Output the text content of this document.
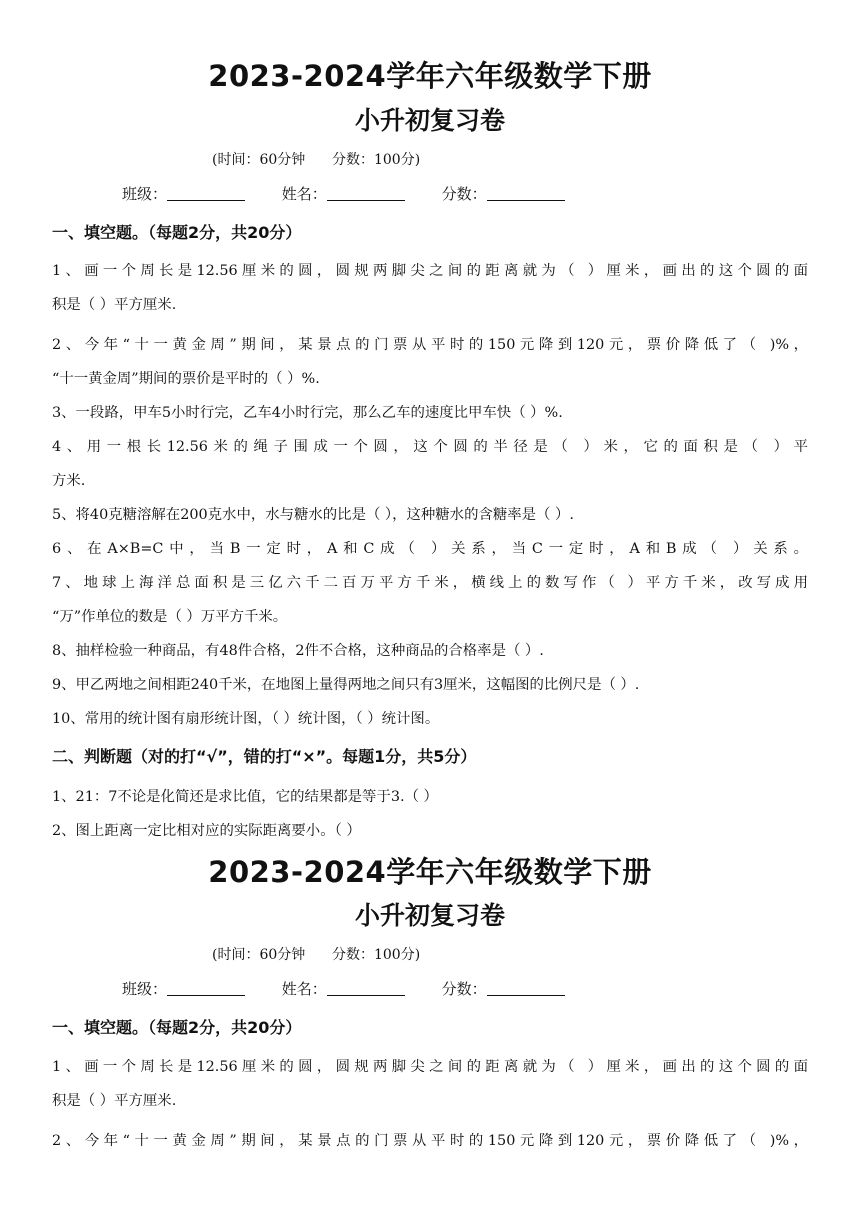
2023-2024学年六年级数学下册
小升初复习卷
(时间：60分钟      分数：100分)
班级：	姓名：	分数：
一、填空题。（每题2分，共20分）
1、画一个周长是12.56厘米的圆，圆规两脚尖之间的距离就为（ ）厘米，画出的这个圆的面
积是（ ）平方厘米.
2、今年“十一黄金周”期间，某景点的门票从平时的150元降到120元，票价降低了（ )%，
“十一黄金周”期间的票价是平时的（ ）%.
3、一段路，甲车5小时行完，乙车4小时行完，那么乙车的速度比甲车快（ ）%.
4、用一根长12.56米的绳子围成一个圆，这个圆的半径是（ ）米，它的面积是（ ）平
方米.
5、将40克糖溶解在200克水中，水与糖水的比是（ ），这种糖水的含糖率是（ ）.
6、在A×B=C中，当B一定时，A和C成（ ）关系，当C一定时，A和B成（ ）关系。
7、地球上海洋总面积是三亿六千二百万平方千米，横线上的数写作（ ）平方千米，改写成用
“万”作单位的数是（ ）万平方千米。
8、抽样检验一种商品，有48件合格，2件不合格，这种商品的合格率是（ ）.
9、甲乙两地之间相距240千米，在地图上量得两地之间只有3厘米，这幅图的比例尺是（ ）.
10、常用的统计图有扇形统计图，（ ）统计图，（ ）统计图。
二、判断题（对的打“√”，错的打“×”。每题1分，共5分）
1、21：7不论是化简还是求比值，它的结果都是等于3.（ ）
2、图上距离一定比相对应的实际距离要小。（ ）
2023-2024学年六年级数学下册
小升初复习卷
(时间：60分钟      分数：100分)
班级：	姓名：	分数：
一、填空题。（每题2分，共20分）
1、画一个周长是12.56厘米的圆，圆规两脚尖之间的距离就为（ ）厘米，画出的这个圆的面
积是（ ）平方厘米.
2、今年“十一黄金周”期间，某景点的门票从平时的150元降到120元，票价降低了（ )%，
